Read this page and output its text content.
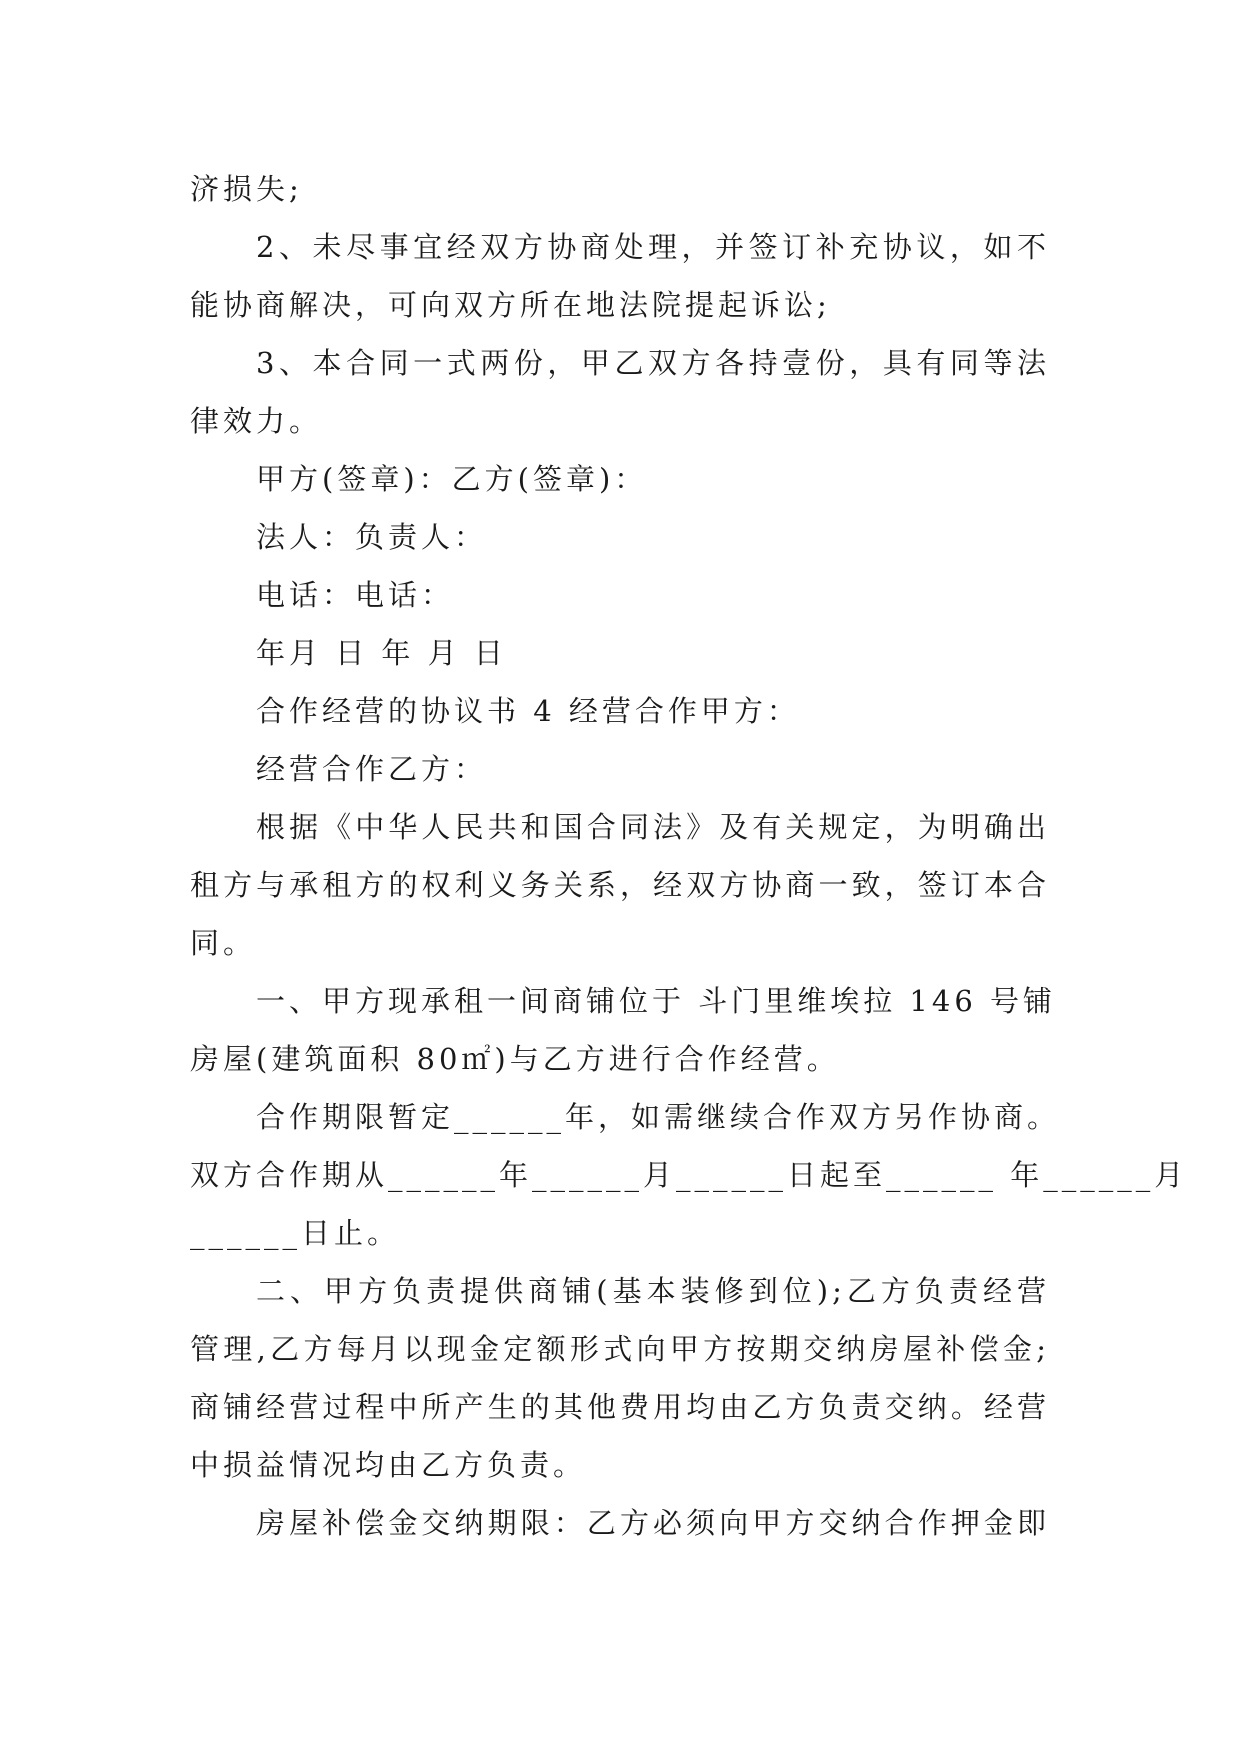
济损失;
2、未尽事宜经双方协商处理，并签订补充协议，如不
能协商解决，可向双方所在地法院提起诉讼;
3、本合同一式两份，甲乙双方各持壹份，具有同等法
律效力。
甲方(签章)：乙方(签章)：
法人：负责人：
电话：电话：
年月 日 年 月 日
合作经营的协议书 4 经营合作甲方：
经营合作乙方：
根据《中华人民共和国合同法》及有关规定，为明确出
租方与承租方的权利义务关系，经双方协商一致，签订本合
同。
一、甲方现承租一间商铺位于 斗门里维埃拉 146 号铺
房屋(建筑面积 80㎡)与乙方进行合作经营。
合作期限暂定______年，如需继续合作双方另作协商。
双方合作期从______年______月______日起至______ 年______月
______日止。
二、甲方负责提供商铺(基本装修到位);乙方负责经营
管理,乙方每月以现金定额形式向甲方按期交纳房屋补偿金;
商铺经营过程中所产生的其他费用均由乙方负责交纳。经营
中损益情况均由乙方负责。
房屋补偿金交纳期限：乙方必须向甲方交纳合作押金即
